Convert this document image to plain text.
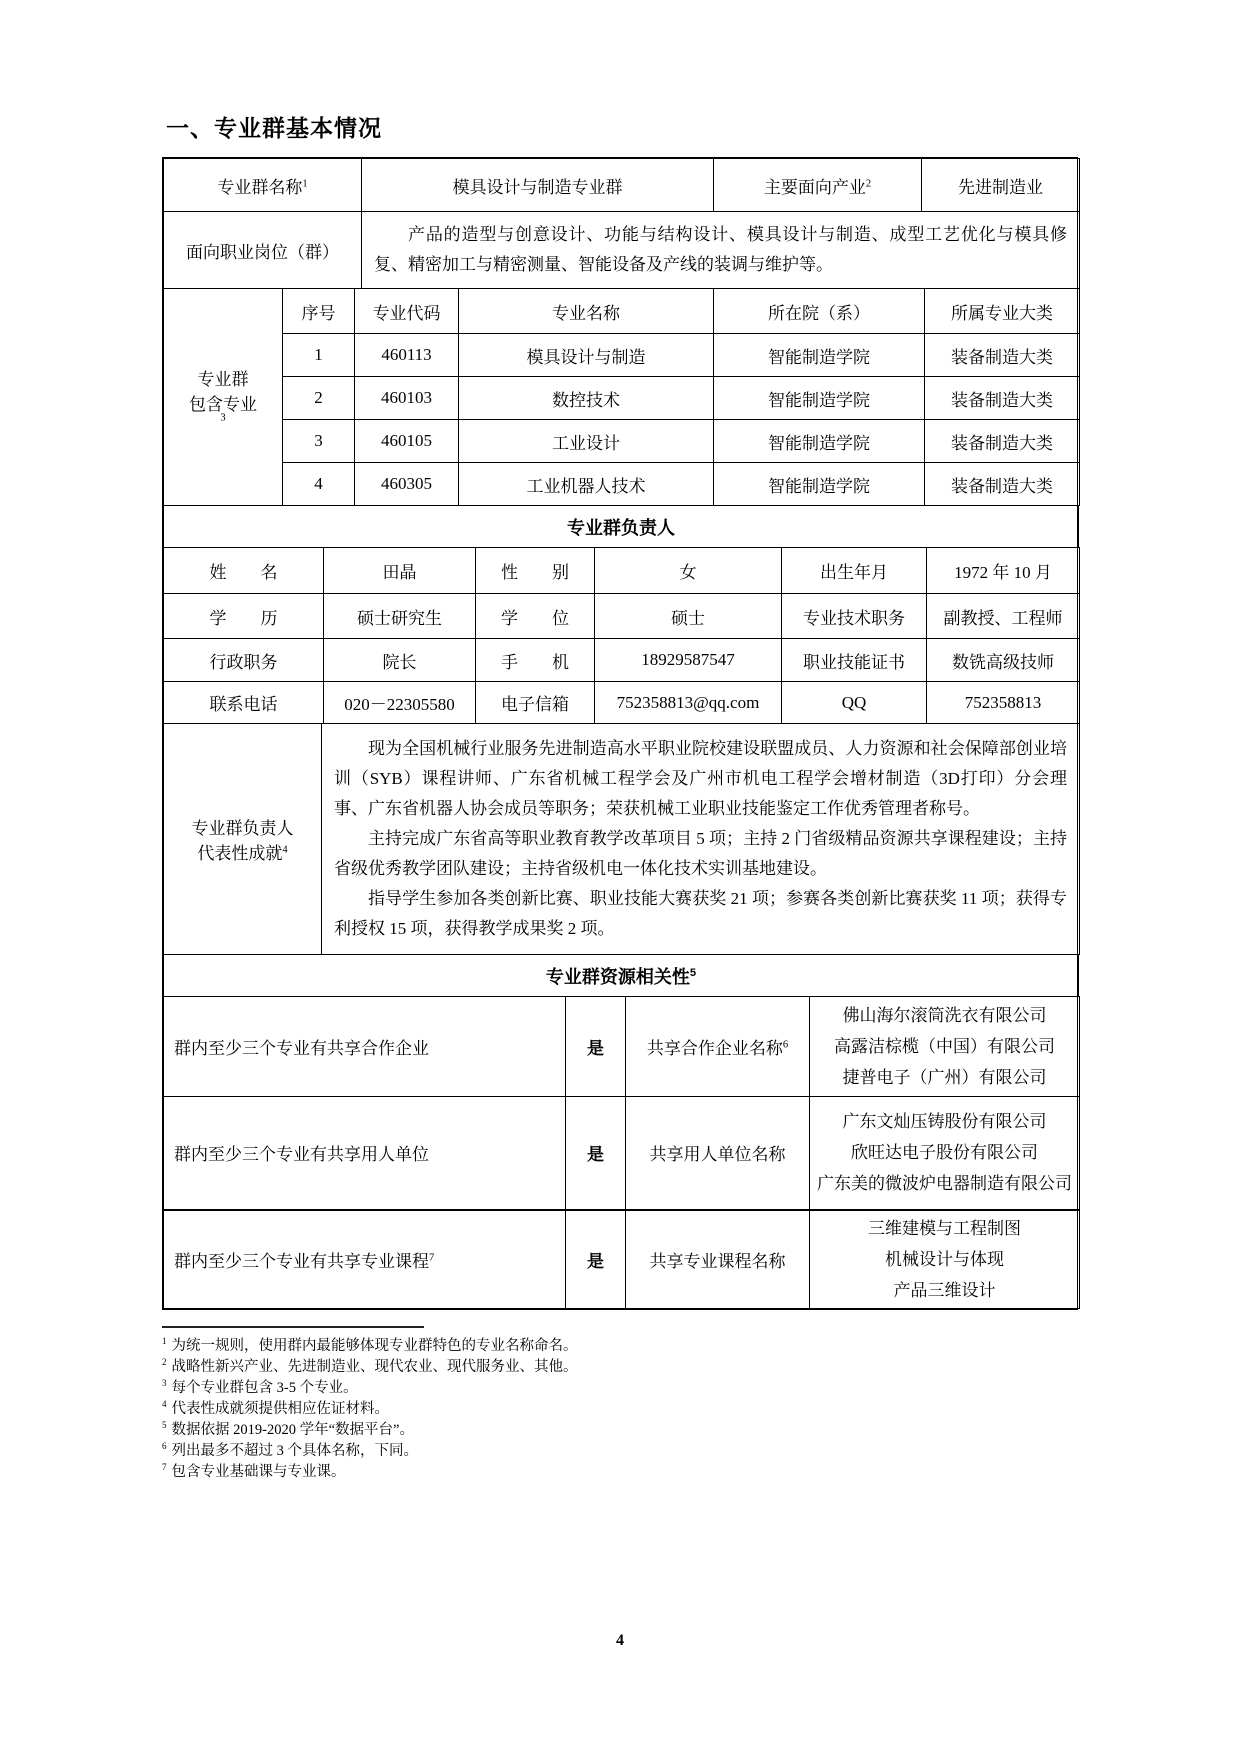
一、专业群基本情况
专业群名称$^1$	模具设计与制造专业群	主要面向产业$^2$	先进制造业
面向职业岗位（群）	产品的造型与创意设计、功能与结构设计、模具设计与制造、成型工艺优化与模具修复、精密加工与精密测量、智能设备及产线的装调与维护等。		

专业群
包含专业
$^3$	序号	专业代码	专业名称	所在院（系）	所属专业大类
	1	460113	模具设计与制造	智能制造学院	装备制造大类
	2	460103	数控技术	智能制造学院	装备制造大类
	3	460105	工业设计	智能制造学院	装备制造大类
	4	460305	工业机器人技术	智能制造学院	装备制造大类
专业群负责人
姓　　名	田晶	性　　别	女	出生年月	1972 年 10 月
学　　历	硕士研究生	学　　位	硕士	专业技术职务	副教授、工程师
行政职务	院长	手　　机	18929587547	职业技能证书	数铣高级技师
联系电话	020－22305580	电子信箱	752358813@qq.com	QQ	752358813
专业群负责人
代表性成就$^4$

现为全国机械行业服务先进制造高水平职业院校建设联盟成员、人力资源和社会保障部创业培训（SYB）课程讲师、广东省机械工程学会及广州市机电工程学会增材制造（3D打印）分会理事、广东省机器人协会成员等职务；荣获机械工业职业技能鉴定工作优秀管理者称号。

主持完成广东省高等职业教育教学改革项目 5 项；主持 2 门省级精品资源共享课程建设；主持省级优秀教学团队建设；主持省级机电一体化技术实训基地建设。

指导学生参加各类创新比赛、职业技能大赛获奖 21 项；参赛各类创新比赛获奖 11 项；获得专利授权 15 项，获得教学成果奖 2 项。

专业群资源相关性$^5$
群内至少三个专业有共享合作企业	是	共享合作企业名称$^6$	佛山海尔滚筒洗衣有限公司
高露洁棕榄（中国）有限公司
捷普电子（广州）有限公司

群内至少三个专业有共享用人单位	是	共享用人单位名称	广东文灿压铸股份有限公司
欣旺达电子股份有限公司
广东美的微波炉电器制造有限公司

群内至少三个专业有共享专业课程$^7$	是	共享专业课程名称	三维建模与工程制图
机械设计与体现
产品三维设计
$^1$ 为统一规则，使用群内最能够体现专业群特色的专业名称命名。
$^2$ 战略性新兴产业、先进制造业、现代农业、现代服务业、其他。
$^3$ 每个专业群包含 3-5 个专业。
$^4$ 代表性成就须提供相应佐证材料。
$^5$ 数据依据 2019-2020 学年“数据平台”。
$^6$ 列出最多不超过 3 个具体名称，下同。
$^7$ 包含专业基础课与专业课。
4
